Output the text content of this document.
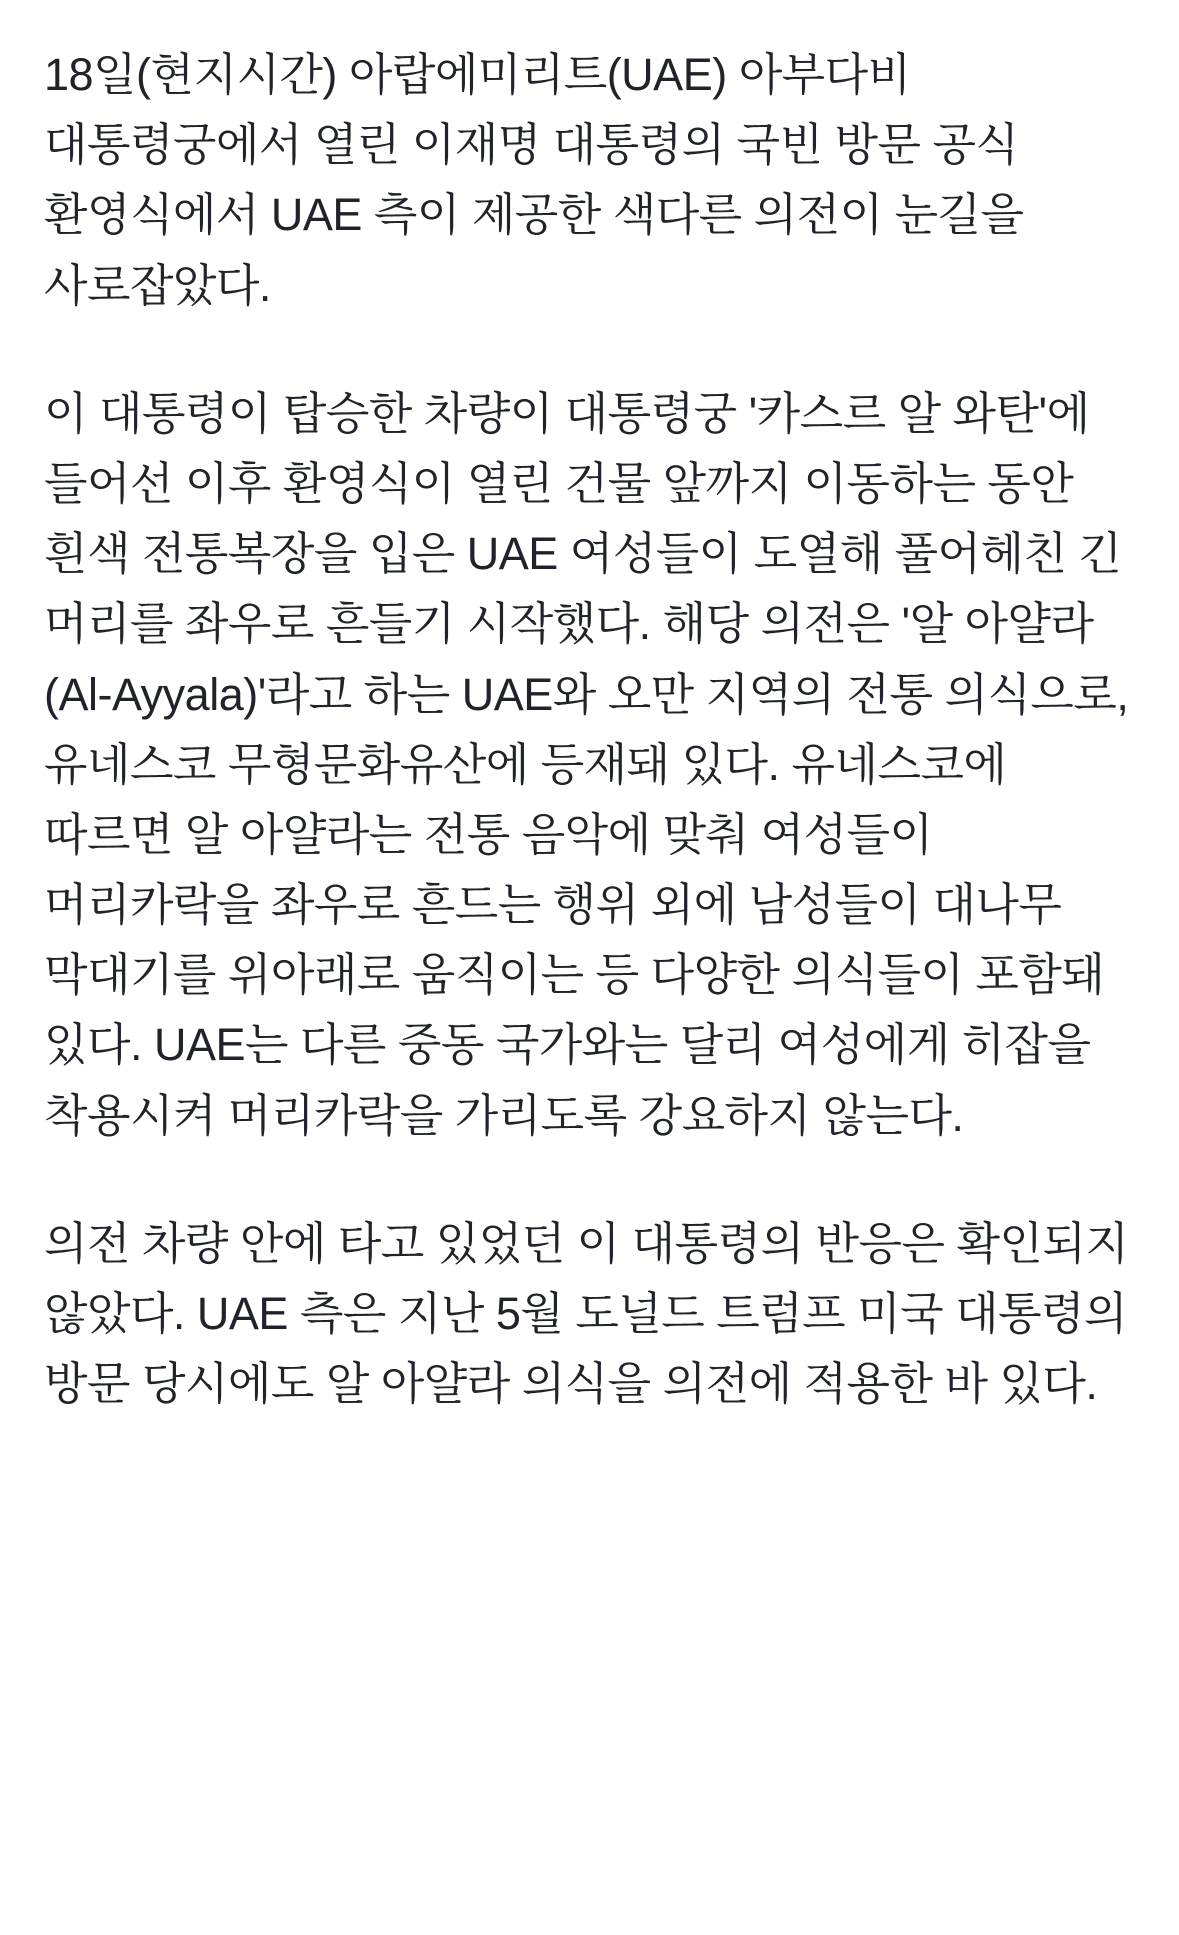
18일(현지시간) 아랍에미리트(UAE) 아부다비 대통령궁에서 열린 이재명 대통령의 국빈 방문 공식 환영식에서 UAE 측이 제공한 색다른 의전이 눈길을 사로잡았다.

이 대통령이 탑승한 차량이 대통령궁 '카스르 알 와탄'에 들어선 이후 환영식이 열린 건물 앞까지 이동하는 동안 흰색 전통복장을 입은 UAE 여성들이 도열해 풀어헤친 긴 머리를 좌우로 흔들기 시작했다. 해당 의전은 '알 아얄라(Al-Ayyala)'라고 하는 UAE와 오만 지역의 전통 의식으로, 유네스코 무형문화유산에 등재돼 있다. 유네스코에 따르면 알 아얄라는 전통 음악에 맞춰 여성들이 머리카락을 좌우로 흔드는 행위 외에 남성들이 대나무 막대기를 위아래로 움직이는 등 다양한 의식들이 포함돼 있다. UAE는 다른 중동 국가와는 달리 여성에게 히잡을 착용시켜 머리카락을 가리도록 강요하지 않는다.

의전 차량 안에 타고 있었던 이 대통령의 반응은 확인되지 않았다. UAE 측은 지난 5월 도널드 트럼프 미국 대통령의 방문 당시에도 알 아얄라 의식을 의전에 적용한 바 있다.
